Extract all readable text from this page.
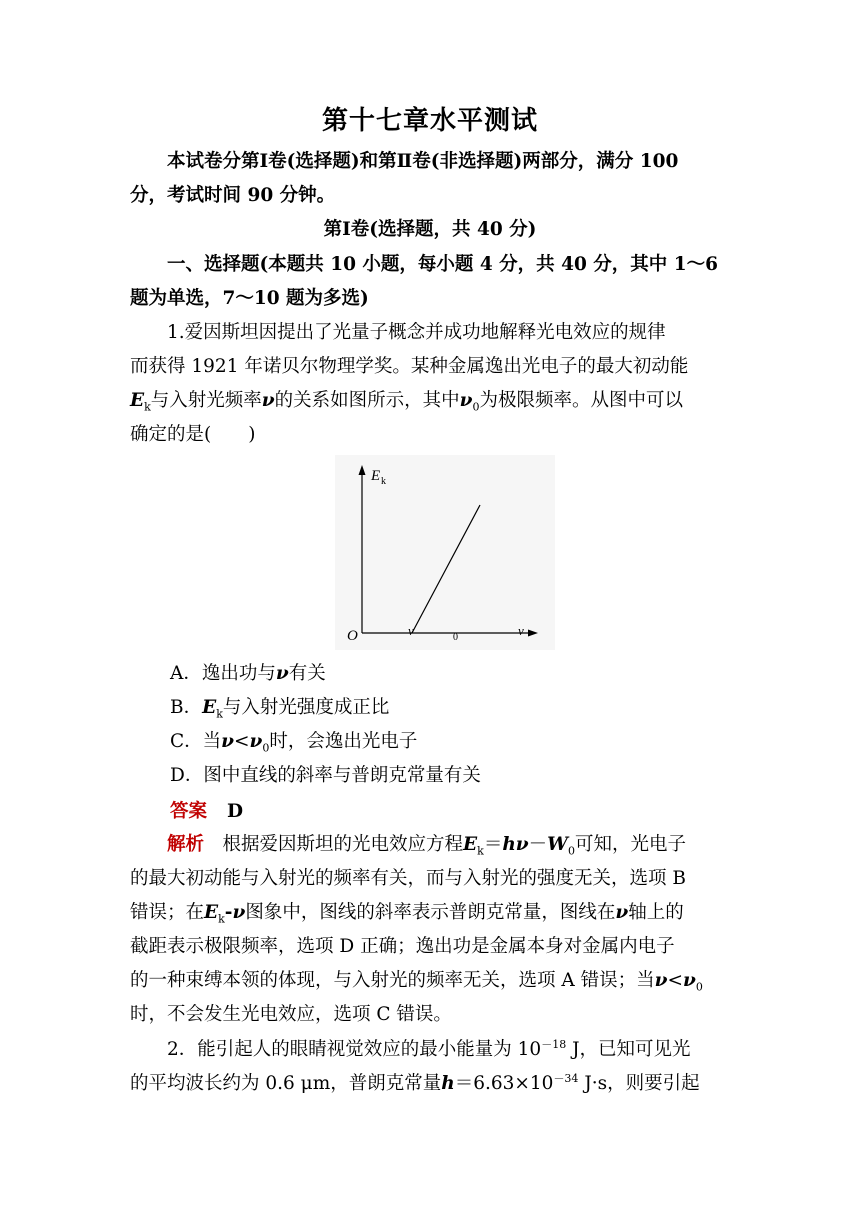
第十七章水平测试
本试卷分第Ⅰ卷(选择题)和第Ⅱ卷(非选择题)两部分，满分 100
分，考试时间 90 分钟。
第Ⅰ卷(选择题，共 40 分)
一、选择题(本题共 10 小题，每小题 4 分，共 40 分，其中 1～6
题为单选，7～10 题为多选)
1.爱因斯坦因提出了光量子概念并成功地解释光电效应的规律
而获得 1921 年诺贝尔物理学奖。某种金属逸出光电子的最大初动能
$E_k$与入射光频率ν的关系如图所示，其中$\nu_0$为极限频率。从图中可以
确定的是(　　)
E k
O	ν	0	ν
A．逸出功与ν有关
B．$E_k$与入射光强度成正比
C．当$\nu<\nu_0$时，会逸出光电子
D．图中直线的斜率与普朗克常量有关
答案 D
解析　 根据爱因斯坦的光电效应方程$E_k=h\nu-W_0$可知，光电子
的最大初动能与入射光的频率有关，而与入射光的强度无关，选项 B
错误；在$E_k-\nu$图象中，图线的斜率表示普朗克常量，图线在ν轴上的
截距表示极限频率，选项 D 正确；逸出功是金属本身对金属内电子
的一种束缚本领的体现，与入射光的频率无关，选项 A 错误；当$\nu<\nu_0$
时，不会发生光电效应，选项 C 错误。
2．能引起人的眼睛视觉效应的最小能量为 $10^{-18}$ J，已知可见光
的平均波长约为 0.6 μm，普朗克常量$h=6.63\times 10^{-34}$ J·s，则要引起
